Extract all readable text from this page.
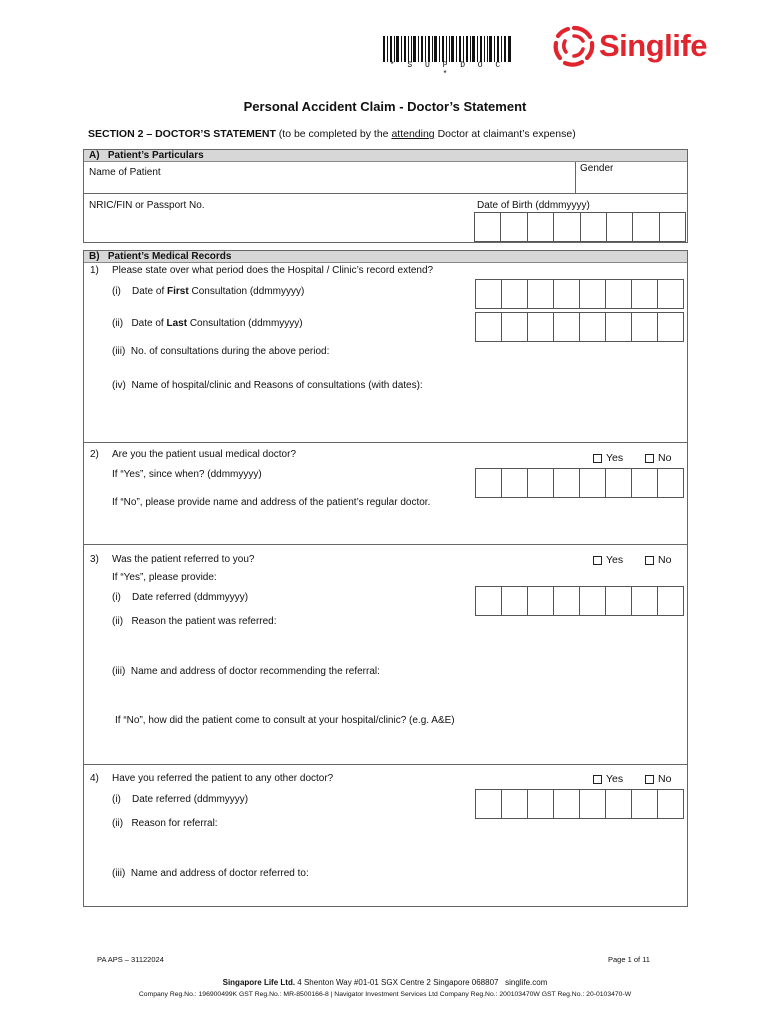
* S U P D O C *
Singlife
Personal Accident Claim - Doctor’s Statement
SECTION 2 – DOCTOR’S STATEMENT (to be completed by the attending Doctor at claimant’s expense)
A)   Patient’s Particulars
Name of Patient	Gender
NRIC/FIN or Passport No.	Date of Birth (ddmmyyyy)
B)   Patient’s Medical Records
1) Please state over what period does the Hospital / Clinic’s record extend?
(i)    Date of First Consultation (ddmmyyyy)
(ii)   Date of Last Consultation (ddmmyyyy)
(iii)  No. of consultations during the above period:
(iv)  Name of hospital/clinic and Reasons of consultations (with dates):
2) Are you the patient usual medical doctor?	Yes	No
If “Yes”, since when? (ddmmyyyy)
If “No”, please provide name and address of the patient’s regular doctor.
3) Was the patient referred to you?	Yes	No
If “Yes”, please provide:
(i)    Date referred (ddmmyyyy)
(ii)   Reason the patient was referred:
(iii)  Name and address of doctor recommending the referral:
If “No”, how did the patient come to consult at your hospital/clinic? (e.g. A&E)
4) Have you referred the patient to any other doctor?	Yes	No
(i)    Date referred (ddmmyyyy)
(ii)   Reason for referral:
(iii)  Name and address of doctor referred to:
PA APS – 31122024	Page 1 of 11
Singapore Life Ltd. 4 Shenton Way #01-01 SGX Centre 2 Singapore 068807   singlife.com
Company Reg.No.: 196900499K GST Reg.No.: MR-8500166-8 | Navigator Investment Services Ltd Company Reg.No.: 200103470W GST Reg.No.: 20-0103470-W
